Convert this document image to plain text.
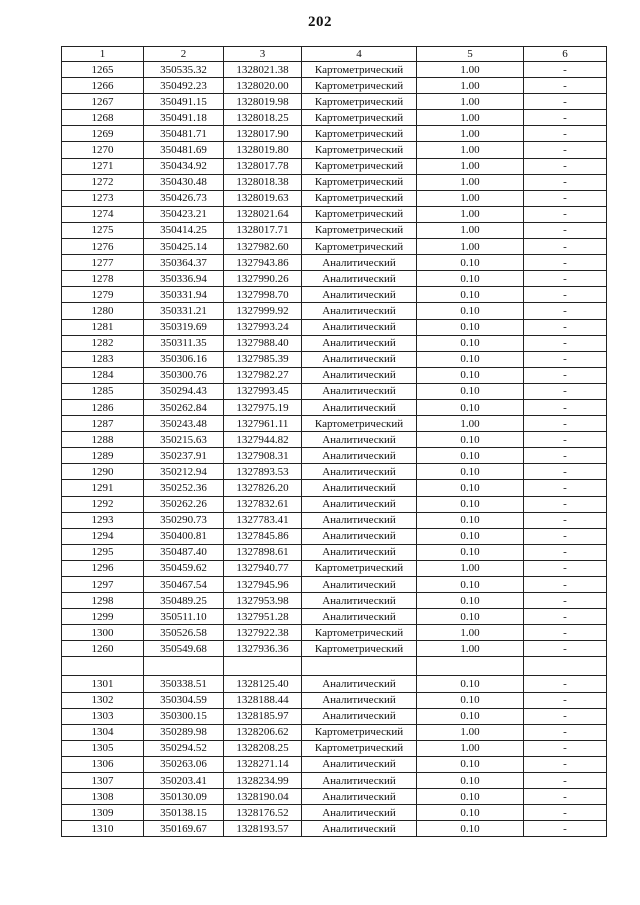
202
1	2	3	4	5	6
1265	350535.32	1328021.38	Картометрический	1.00	-
1266	350492.23	1328020.00	Картометрический	1.00	-
1267	350491.15	1328019.98	Картометрический	1.00	-
1268	350491.18	1328018.25	Картометрический	1.00	-
1269	350481.71	1328017.90	Картометрический	1.00	-
1270	350481.69	1328019.80	Картометрический	1.00	-
1271	350434.92	1328017.78	Картометрический	1.00	-
1272	350430.48	1328018.38	Картометрический	1.00	-
1273	350426.73	1328019.63	Картометрический	1.00	-
1274	350423.21	1328021.64	Картометрический	1.00	-
1275	350414.25	1328017.71	Картометрический	1.00	-
1276	350425.14	1327982.60	Картометрический	1.00	-
1277	350364.37	1327943.86	Аналитический	0.10	-
1278	350336.94	1327990.26	Аналитический	0.10	-
1279	350331.94	1327998.70	Аналитический	0.10	-
1280	350331.21	1327999.92	Аналитический	0.10	-
1281	350319.69	1327993.24	Аналитический	0.10	-
1282	350311.35	1327988.40	Аналитический	0.10	-
1283	350306.16	1327985.39	Аналитический	0.10	-
1284	350300.76	1327982.27	Аналитический	0.10	-
1285	350294.43	1327993.45	Аналитический	0.10	-
1286	350262.84	1327975.19	Аналитический	0.10	-
1287	350243.48	1327961.11	Картометрический	1.00	-
1288	350215.63	1327944.82	Аналитический	0.10	-
1289	350237.91	1327908.31	Аналитический	0.10	-
1290	350212.94	1327893.53	Аналитический	0.10	-
1291	350252.36	1327826.20	Аналитический	0.10	-
1292	350262.26	1327832.61	Аналитический	0.10	-
1293	350290.73	1327783.41	Аналитический	0.10	-
1294	350400.81	1327845.86	Аналитический	0.10	-
1295	350487.40	1327898.61	Аналитический	0.10	-
1296	350459.62	1327940.77	Картометрический	1.00	-
1297	350467.54	1327945.96	Аналитический	0.10	-
1298	350489.25	1327953.98	Аналитический	0.10	-
1299	350511.10	1327951.28	Аналитический	0.10	-
1300	350526.58	1327922.38	Картометрический	1.00	-
1260	350549.68	1327936.36	Картометрический	1.00	-

1301	350338.51	1328125.40	Аналитический	0.10	-
1302	350304.59	1328188.44	Аналитический	0.10	-
1303	350300.15	1328185.97	Аналитический	0.10	-
1304	350289.98	1328206.62	Картометрический	1.00	-
1305	350294.52	1328208.25	Картометрический	1.00	-
1306	350263.06	1328271.14	Аналитический	0.10	-
1307	350203.41	1328234.99	Аналитический	0.10	-
1308	350130.09	1328190.04	Аналитический	0.10	-
1309	350138.15	1328176.52	Аналитический	0.10	-
1310	350169.67	1328193.57	Аналитический	0.10	-
